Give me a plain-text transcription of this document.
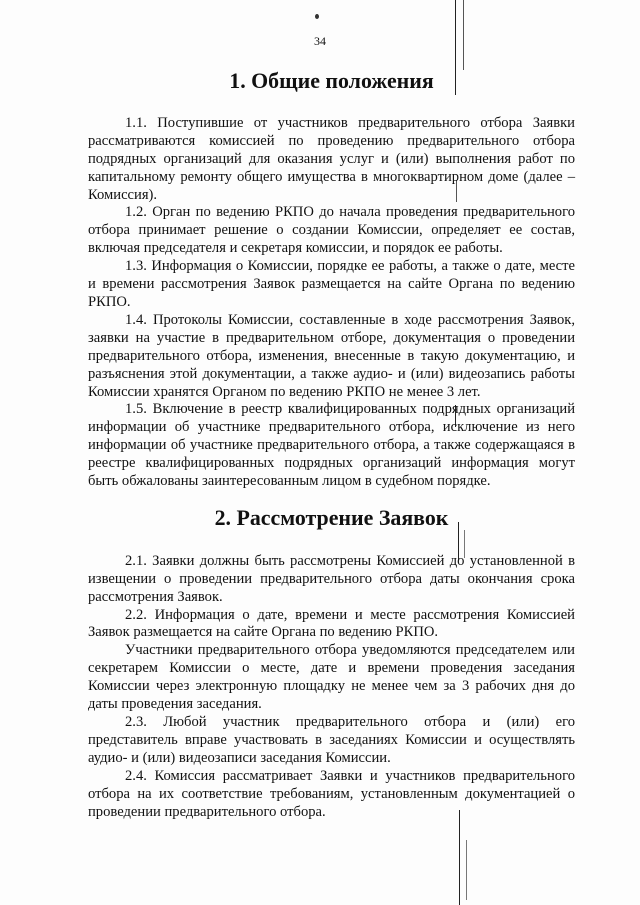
34
1. Общие положения

1.1. Поступившие от участников предварительного отбора Заявки рассматриваются комиссией по проведению предварительного отбора подрядных организаций для оказания услуг и (или) выполнения работ по капитальному ремонту общего имущества в многоквартирном доме (далее – Комиссия).

1.2. Орган по ведению РКПО до начала проведения предварительного отбора принимает решение о создании Комиссии, определяет ее состав, включая председателя и секретаря комиссии, и порядок ее работы.

1.3. Информация о Комиссии, порядке ее работы, а также о дате, месте и времени рассмотрения Заявок размещается на сайте Органа по ведению РКПО.

1.4. Протоколы Комиссии, составленные в ходе рассмотрения Заявок, заявки на участие в предварительном отборе, документация о проведении предварительного отбора, изменения, внесенные в такую документацию, и разъяснения этой документации, а также аудио- и (или) видеозапись работы Комиссии хранятся Органом по ведению РКПО не менее 3 лет.

1.5. Включение в реестр квалифицированных подрядных организаций информации об участнике предварительного отбора, исключение из него информации об участнике предварительного отбора, а также содержащаяся в реестре квалифицированных подрядных организаций информация могут быть обжалованы заинтересованным лицом в судебном порядке.

2. Рассмотрение Заявок

2.1. Заявки должны быть рассмотрены Комиссией до установленной в извещении о проведении предварительного отбора даты окончания срока рассмотрения Заявок.

2.2. Информация о дате, времени и месте рассмотрения Комиссией Заявок размещается на сайте Органа по ведению РКПО.

Участники предварительного отбора уведомляются председателем или секретарем Комиссии о месте, дате и времени проведения заседания Комиссии через электронную площадку не менее чем за 3 рабочих дня до даты проведения заседания.

2.3. Любой участник предварительного отбора и (или) его представитель вправе участвовать в заседаниях Комиссии и осуществлять аудио- и (или) видеозаписи заседания Комиссии.

2.4. Комиссия рассматривает Заявки и участников предварительного отбора на их соответствие требованиям, установленным документацией о проведении предварительного отбора.
